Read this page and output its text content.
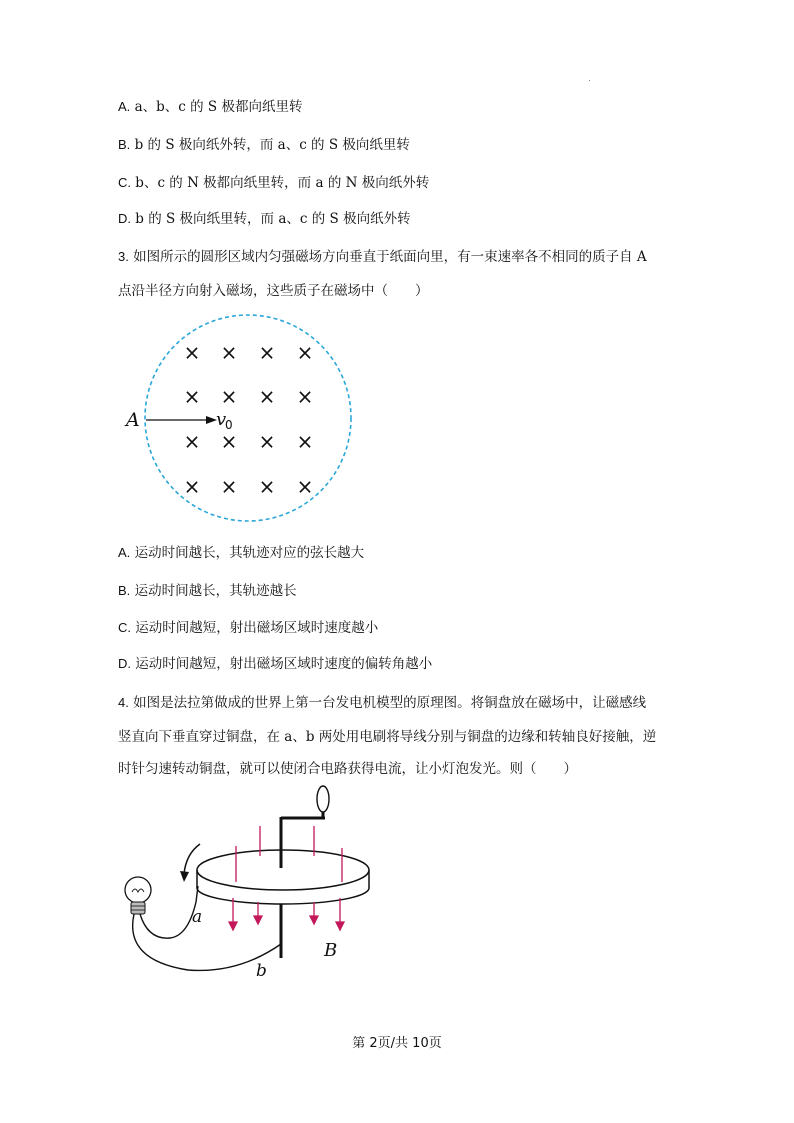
A. a、b、c 的 S 极都向纸里转
B. b 的 S 极向纸外转，而 a、c 的 S 极向纸里转
C. b、c 的 N 极都向纸里转，而 a 的 N 极向纸外转
D. b 的 S 极向纸里转，而 a、c 的 S 极向纸外转
3. 如图所示的圆形区域内匀强磁场方向垂直于纸面向里，有一束速率各不相同的质子自 A
点沿半径方向射入磁场，这些质子在磁场中（　　）
× × × ×
× × × ×
× × × ×
× × × ×
A	v
0
A. 运动时间越长，其轨迹对应的弦长越大
B. 运动时间越长，其轨迹越长
C. 运动时间越短，射出磁场区域时速度越小
D. 运动时间越短，射出磁场区域时速度的偏转角越小
4. 如图是法拉第做成的世界上第一台发电机模型的原理图。将铜盘放在磁场中，让磁感线
竖直向下垂直穿过铜盘，在 a、b 两处用电刷将导线分别与铜盘的边缘和转轴良好接触，逆
时针匀速转动铜盘，就可以使闭合电路获得电流，让小灯泡发光。则（　　）
a
b
B
第 2页/共 10页
